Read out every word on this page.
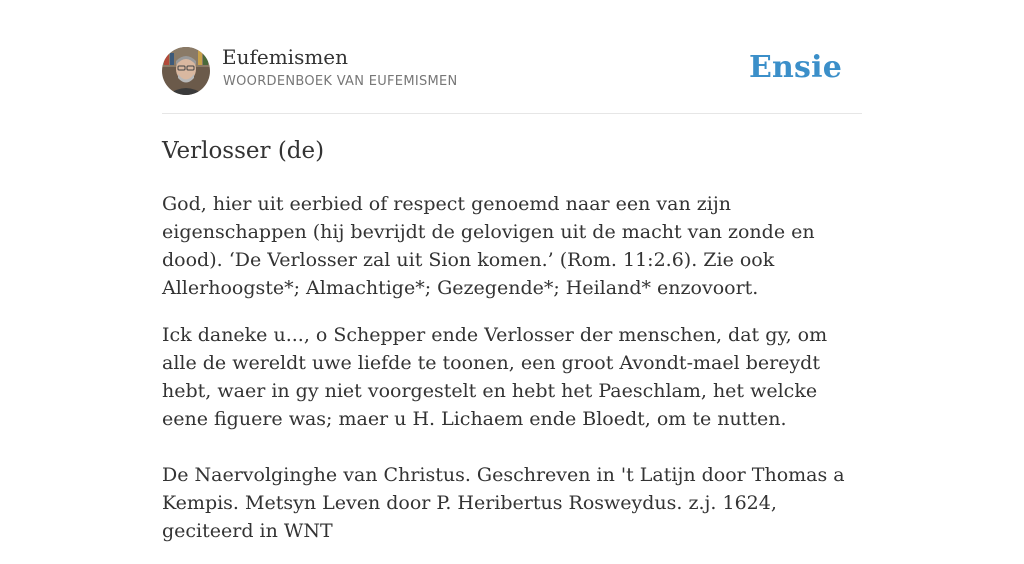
Eufemismen
WOORDENBOEK VAN EUFEMISMEN	Ensie
Verlosser (de)

God, hier uit eerbied of respect genoemd naar een van zijn eigenschappen (hij bevrijdt de gelovigen uit de macht van zonde en dood). ‘De Verlosser zal uit Sion komen.’ (Rom. 11:2.6). Zie ook Allerhoogste*; Almachtige*; Gezegende*; Heiland* enzovoort.

Ick daneke u..., o Schepper ende Verlosser der menschen, dat gy, om alle de wereldt uwe liefde te toonen, een groot Avondt-mael bereydt hebt, waer in gy niet voorgestelt en hebt het Paeschlam, het welcke eene figuere was; maer u H. Lichaem ende Bloedt, om te nutten.

De Naervolginghe van Christus. Geschreven in 't Latijn door Thomas a Kempis. Metsyn Leven door P. Heribertus Rosweydus. z.j. 1624, geciteerd in WNT
